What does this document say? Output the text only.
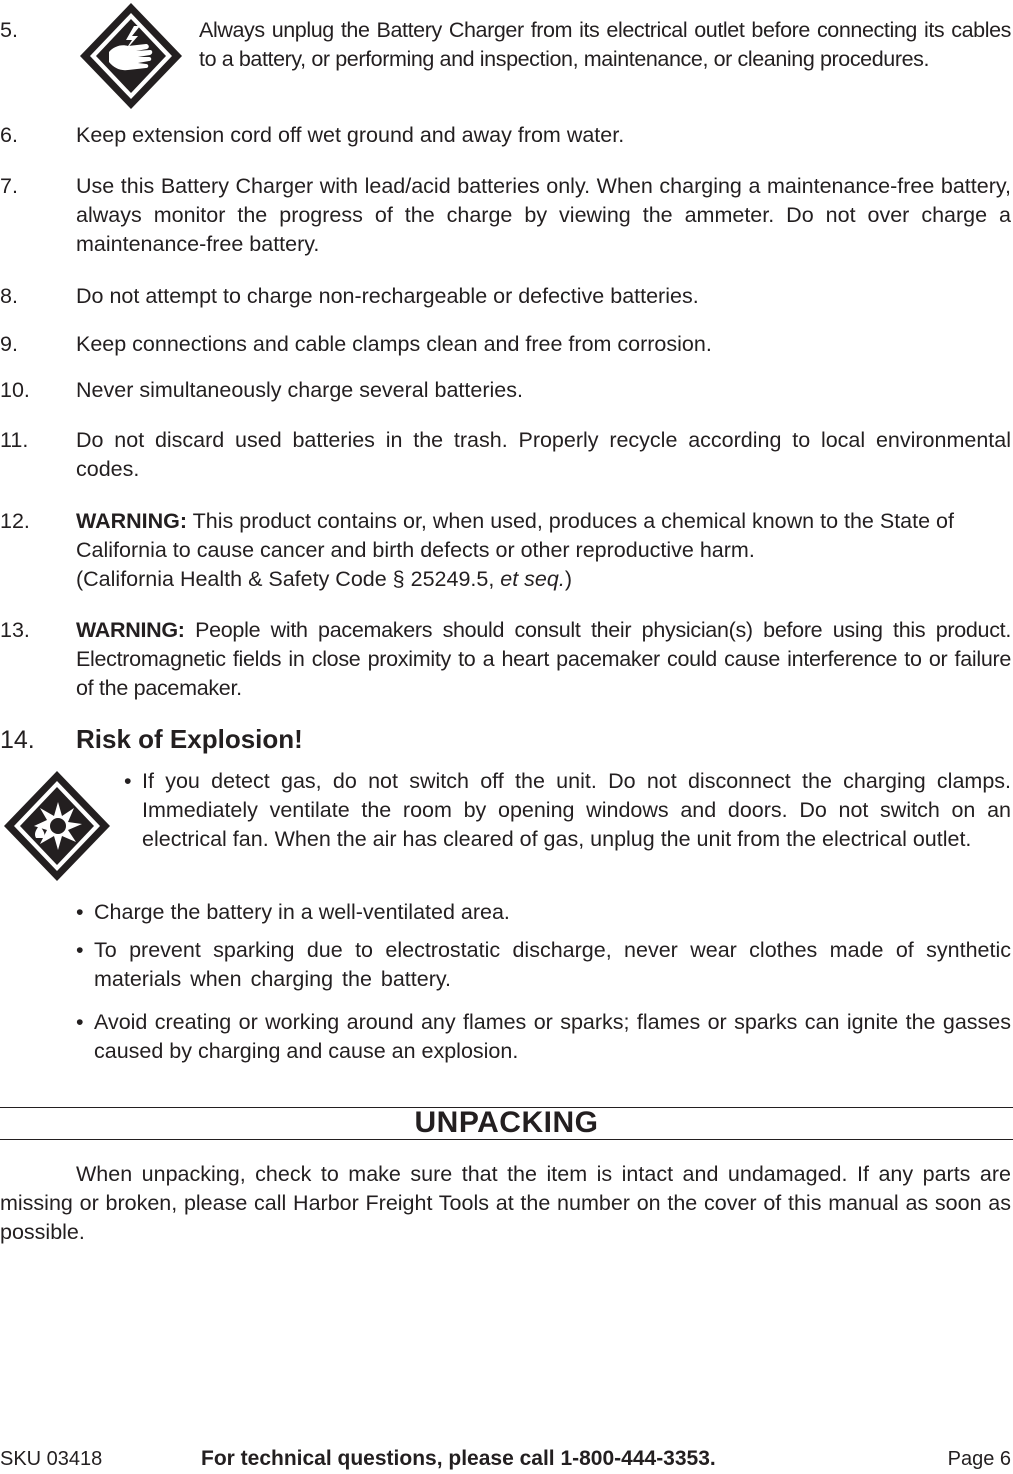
5.	Always unplug the Battery Charger from its electrical outlet before connecting its cables to a battery, or performing and inspection, maintenance, or cleaning procedures.
6.	Keep extension cord off wet ground and away from water.
7.	Use this Battery Charger with lead/acid batteries only. When charging a maintenance-free battery, always monitor the progress of the charge by viewing the ammeter. Do not over charge a maintenance-free battery.
8.	Do not attempt to charge non-rechargeable or defective batteries.
9.	Keep connections and cable clamps clean and free from corrosion.
10. Never simultaneously charge several batteries.
11. Do not discard used batteries in the trash. Properly recycle according to local environmental codes.
12. WARNING: This product contains or, when used, produces a chemical known to the State of California to cause cancer and birth defects or other reproductive harm.
(California Health & Safety Code § 25249.5, et seq.)
13. WARNING: People with pacemakers should consult their physician(s) before using this product. Electromagnetic fields in close proximity to a heart pacemaker could cause interference to or failure of the pacemaker.
14. Risk of Explosion!
• If you detect gas, do not switch off the unit. Do not disconnect the charging clamps. Immediately ventilate the room by opening windows and doors. Do not switch on an electrical fan. When the air has cleared of gas, unplug the unit from the electrical outlet.
• Charge the battery in a well-ventilated area.
• To prevent sparking due to electrostatic discharge, never wear clothes made of synthetic materials when charging the battery.
• Avoid creating or working around any flames or sparks; flames or sparks can ignite the gasses caused by charging and cause an explosion.
UNPACKING
When unpacking, check to make sure that the item is intact and undamaged. If any parts are missing or broken, please call Harbor Freight Tools at the number on the cover of this manual as soon as possible.
SKU 03418	For technical questions, please call 1-800-444-3353.	Page 6
